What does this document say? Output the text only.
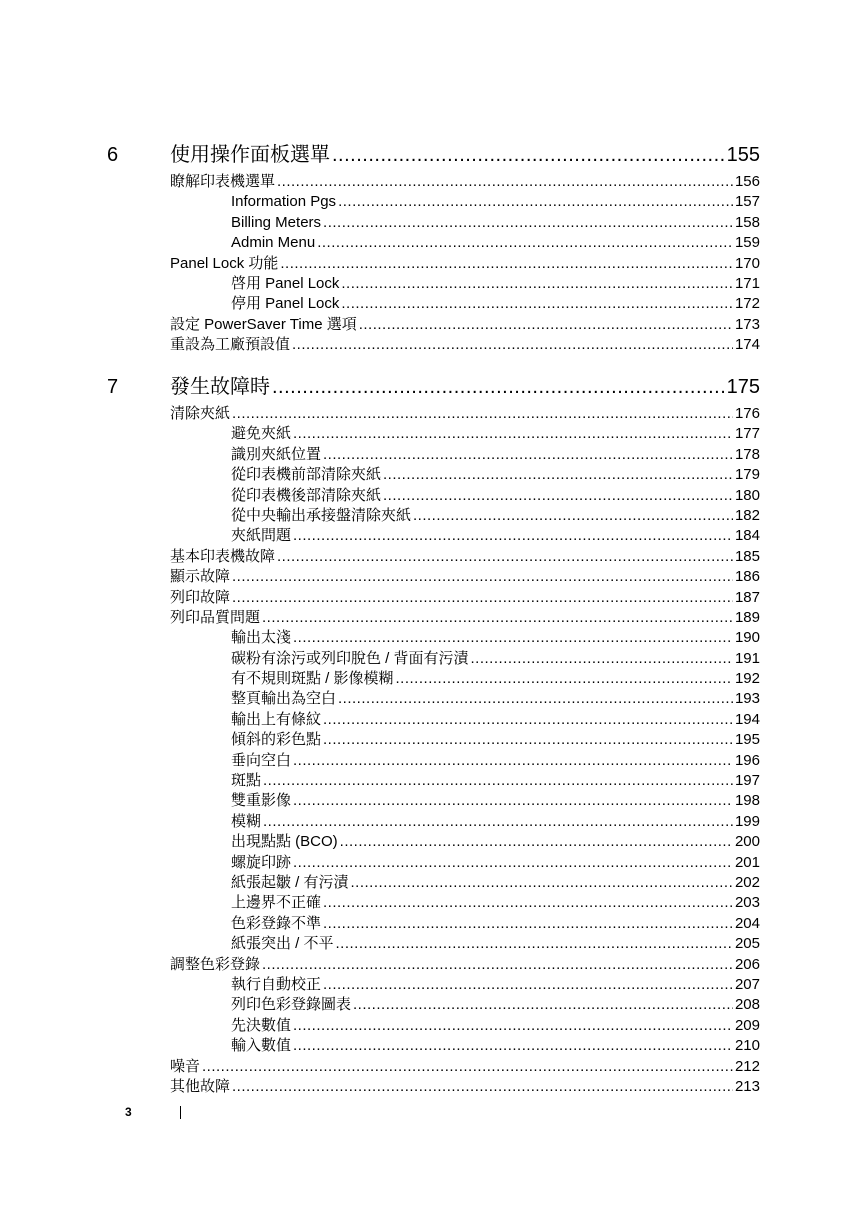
6	使用操作面板選單 .....	155
瞭解印表機選單 .....	156
Information Pgs .....	157
Billing Meters .....	158
Admin Menu .....	159
Panel Lock 功能 .....	170
啓用 Panel Lock .....	171
停用 Panel Lock .....	172
設定 PowerSaver Time 選項 .....	173
重設為工廠預設值 .....	174
7	發生故障時 .....	175
清除夾紙 .....	176
避免夾紙 .....	177
識別夾紙位置 .....	178
從印表機前部清除夾紙 .....	179
從印表機後部清除夾紙 .....	180
從中央輸出承接盤清除夾紙 .....	182
夾紙問題 .....	184
基本印表機故障 .....	185
顯示故障 .....	186
列印故障 .....	187
列印品質問題 .....	189
輸出太淺 .....	190
碳粉有涂污或列印脫色 / 背面有污漬 .....	191
有不規則斑點 / 影像模糊 .....	192
整頁輸出為空白 .....	193
輸出上有條紋 .....	194
傾斜的彩色點 .....	195
垂向空白 .....	196
斑點 .....	197
雙重影像 .....	198
模糊 .....	199
出現點點 (BCO) .....	200
螺旋印跡 .....	201
紙張起皺 / 有污漬 .....	202
上邊界不正確 .....	203
色彩登錄不準 .....	204
紙張突出 / 不平 .....	205
調整色彩登錄 .....	206
執行自動校正 .....	207
列印色彩登錄圖表 .....	208
先決數值 .....	209
輸入數值 .....	210
噪音 .....	212
其他故障 .....	213
3
